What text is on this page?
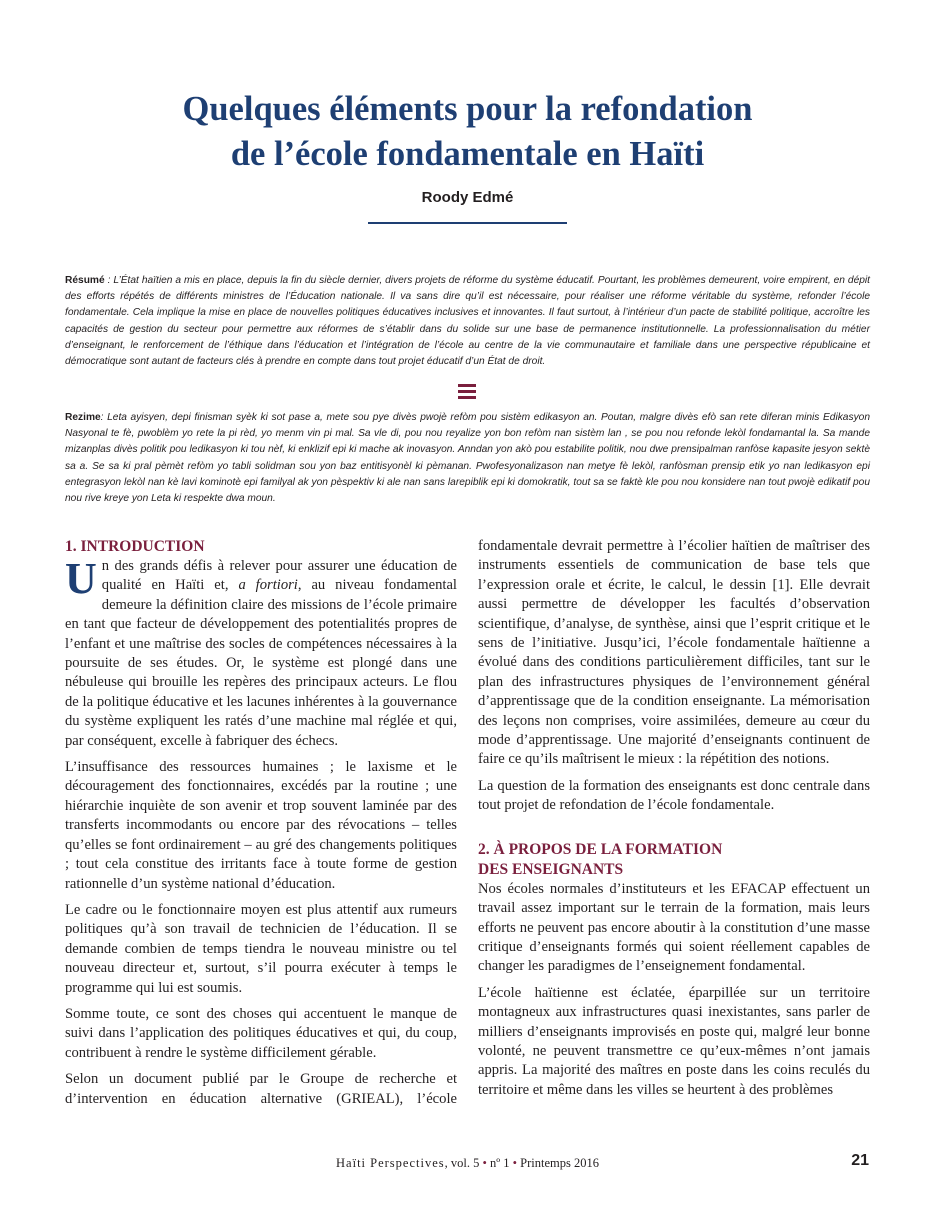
Quelques éléments pour la refondation
de l’école fondamentale en Haïti
Roody Edmé

Résumé : L’État haïtien a mis en place, depuis la fin du siècle dernier, divers projets de réforme du système éducatif. Pourtant, les problèmes demeurent, voire empirent, en dépit des efforts répétés de différents ministres de l’Éducation nationale. Il va sans dire qu’il est nécessaire, pour réaliser une réforme véritable du système, refonder l’école fondamentale. Cela implique la mise en place de nouvelles politiques éducatives inclusives et innovantes. Il faut surtout, à l’intérieur d’un pacte de stabilité politique, accroître les capacités de gestion du secteur pour permettre aux réformes de s’établir dans du solide sur une base de permanence institutionnelle. La professionnalisation du métier d’enseignant, le renforcement de l’éthique dans l’éducation et l’intégration de l’école au centre de la vie communautaire et familiale dans une perspective républicaine et démocratique sont autant de facteurs clés à prendre en compte dans tout projet éducatif d’un État de droit.

Rezime: Leta ayisyen, depi finisman syèk ki sot pase a, mete sou pye divès pwojè refòm pou sistèm edikasyon an. Poutan, malgre divès efò san rete diferan minis Edikasyon Nasyonal te fè, pwoblèm yo rete la pi rèd, yo menm vin pi mal. Sa vle di, pou nou reyalize yon bon refòm nan sistèm lan , se pou nou refonde lekòl fondamantal la. Sa mande mizanplas divès politik pou ledikasyon ki tou nèf, ki enklizif epi ki mache ak inovasyon. Anndan yon akò pou estabilite politik, nou dwe prensipalman ranfòse kapasite jesyon sektè sa a. Se sa ki pral pèmèt refòm yo tabli solidman sou yon baz entitisyonèl ki pèmanan. Pwofesyonalizason nan metye fè lekòl, ranfòsman prensip etik yo nan ledikasyon epi entegrasyon lekòl nan kè lavi kominotè epi familyal ak yon pèspektiv ki ale nan sans larepiblik epi ki domokratik, tout sa se faktè kle pou nou konsidere nan tout pwojè edikatif pou nou rive kreye yon Leta ki respekte dwa moun.

1. INTRODUCTION

Un des grands défis à relever pour assurer une éducation de qualité en Haïti et, a fortiori, au niveau fondamental demeure la définition claire des missions de l’école primaire en tant que facteur de développement des potentialités propres de l’enfant et une maîtrise des socles de compétences nécessaires à la poursuite de ses études. Or, le système est plongé dans une nébuleuse qui brouille les repères des principaux acteurs. Le flou de la politique éducative et les lacunes inhérentes à la gouvernance du système expliquent les ratés d’une machine mal réglée et qui, par conséquent, excelle à fabriquer des échecs.

L’insuffisance des ressources humaines ; le laxisme et le découragement des fonctionnaires, excédés par la routine ; une hiérarchie inquiète de son avenir et trop souvent laminée par des transferts incommodants ou encore par des révocations – telles qu’elles se font ordinairement – au gré des changements politiques ; tout cela constitue des irritants face à toute forme de gestion rationnelle d’un système national d’éducation.

Le cadre ou le fonctionnaire moyen est plus attentif aux rumeurs politiques qu’à son travail de technicien de l’éducation. Il se demande combien de temps tiendra le nouveau ministre ou tel nouveau directeur et, surtout, s’il pourra exécuter à temps le programme qui lui est soumis.

Somme toute, ce sont des choses qui accentuent le manque de suivi dans l’application des politiques éducatives et qui, du coup, contribuent à rendre le système difficilement gérable.

Selon un document publié par le Groupe de recherche et d’intervention en éducation alternative (GRIEAL), l’école

fondamentale devrait permettre à l’écolier haïtien de maîtriser des instruments essentiels de communication de base tels que l’expression orale et écrite, le calcul, le dessin [1]. Elle devrait aussi permettre de développer les facultés d’observation scientifique, d’analyse, de synthèse, ainsi que l’esprit critique et le sens de l’initiative. Jusqu’ici, l’école fondamentale haïtienne a évolué dans des conditions particulièrement difficiles, tant sur le plan des infrastructures physiques de l’environnement général d’apprentissage que de la condition enseignante. La mémorisation des leçons non comprises, voire assimilées, demeure au cœur du mode d’apprentissage. Une majorité d’enseignants continuent de faire ce qu’ils maîtrisent le mieux : la répétition des notions.

La question de la formation des enseignants est donc centrale dans tout projet de refondation de l’école fondamentale.

2. À PROPOS DE LA FORMATION
DES ENSEIGNANTS

Nos écoles normales d’instituteurs et les EFACAP effectuent un travail assez important sur le terrain de la formation, mais leurs efforts ne peuvent pas encore aboutir à la constitution d’une masse critique d’enseignants formés qui soient réellement capables de changer les paradigmes de l’enseignement fondamental.

L’école haïtienne est éclatée, éparpillée sur un territoire montagneux aux infrastructures quasi inexistantes, sans parler de milliers d’enseignants improvisés en poste qui, malgré leur bonne volonté, ne peuvent transmettre ce qu’eux-mêmes n’ont jamais appris. La majorité des maîtres en poste dans les coins reculés du territoire et même dans les villes se heurtent à des problèmes

Haïti Perspectives, vol. 5 • nº 1 • Printemps 2016	21
